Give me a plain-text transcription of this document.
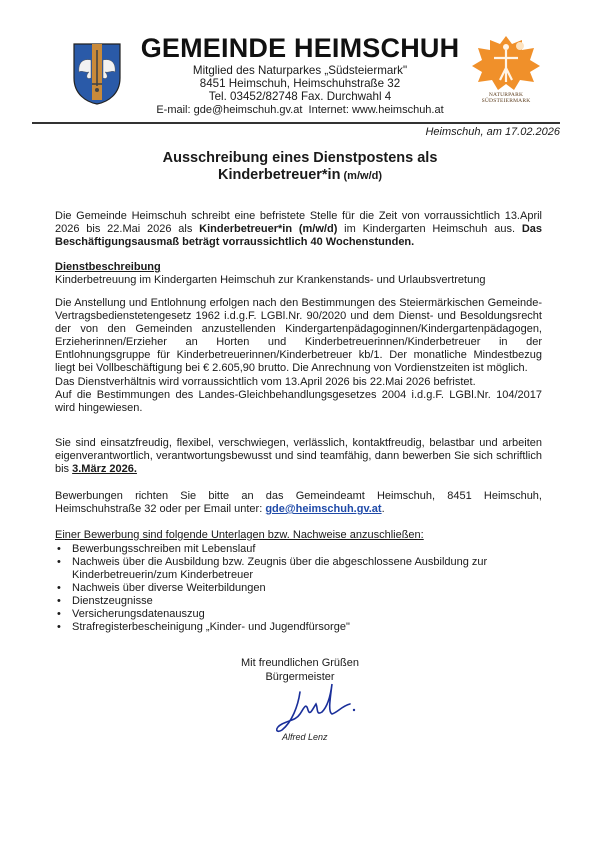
GEMEINDE HEIMSCHUH
Mitglied des Naturparkes „Südsteiermark"
8451 Heimschuh, Heimschuhstraße 32
Tel. 03452/82748 Fax. Durchwahl 4
E-mail: gde@heimschuh.gv.at  Internet: www.heimschuh.at
NATURPARK
SÜDSTEIERMARK
Heimschuh, am 17.02.2026
Ausschreibung eines Dienstpostens als
Kinderbetreuer*in (m/w/d)
Die Gemeinde Heimschuh schreibt eine befristete Stelle für die Zeit von vorraussichtlich 13.April 2026 bis 22.Mai 2026 als Kinderbetreuer*in (m/w/d) im Kindergarten Heimschuh aus. Das Beschäftigungsausmaß beträgt vorraussichtlich 40 Wochenstunden.
Dienstbeschreibung
Kinderbetreuung im Kindergarten Heimschuh zur Krankenstands- und Urlaubsvertretung
Die Anstellung und Entlohnung erfolgen nach den Bestimmungen des Steiermärkischen Gemeinde-Vertragsbedienstetengesetz 1962 i.d.g.F. LGBl.Nr. 90/2020 und dem Dienst- und Besoldungsrecht der von den Gemeinden anzustellenden Kindergartenpädagoginnen/Kindergartenpädagogen, Erzieherinnen/Erzieher an Horten und Kinderbetreuerinnen/Kinderbetreuer in der Entlohnungsgruppe für Kinderbetreuerinnen/Kinderbetreuer kb/1. Der monatliche Mindestbezug liegt bei Vollbeschäftigung bei € 2.605,90 brutto. Die Anrechnung von Vordienstzeiten ist möglich.
Das Dienstverhältnis wird vorraussichtlich vom 13.April 2026 bis 22.Mai 2026 befristet.
Auf die Bestimmungen des Landes-Gleichbehandlungsgesetzes 2004 i.d.g.F. LGBl.Nr. 104/2017 wird hingewiesen.
Sie sind einsatzfreudig, flexibel, verschwiegen, verlässlich, kontaktfreudig, belastbar und arbeiten eigenverantwortlich, verantwortungsbewusst und sind teamfähig, dann bewerben Sie sich schriftlich bis 3.März 2026.
Bewerbungen richten Sie bitte an das Gemeindeamt Heimschuh, 8451 Heimschuh, Heimschuhstraße 32 oder per Email unter: gde@heimschuh.gv.at.
Einer Bewerbung sind folgende Unterlagen bzw. Nachweise anzuschließen:
• Bewerbungsschreiben mit Lebenslauf
• Nachweis über die Ausbildung bzw. Zeugnis über die abgeschlossene Ausbildung zur Kinderbetreuerin/zum Kinderbetreuer
• Nachweis über diverse Weiterbildungen
• Dienstzeugnisse
• Versicherungsdatenauszug
• Strafregisterbescheinigung „Kinder- und Jugendfürsorge"
Mit freundlichen Grüßen
Bürgermeister
Alfred Lenz
